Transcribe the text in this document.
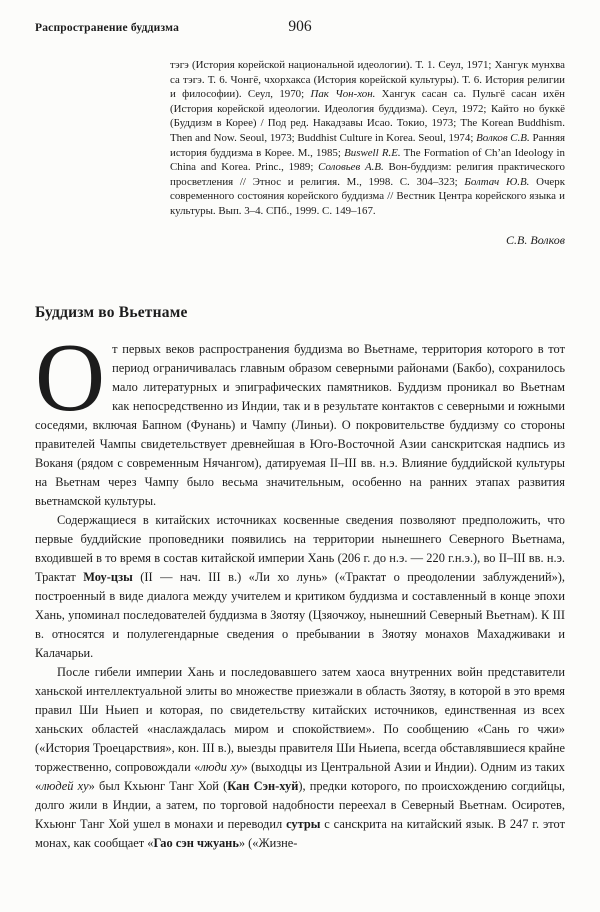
Распространение буддизма	906
тэгэ (История корейской национальной идеологии). Т. 1. Сеул, 1971; Хангук мунхва са тэгэ. Т. 6. Чонгё, чхорхакса (История корейской культуры). Т. 6. История религии и философии). Сеул, 1970; Пак Чон-хон. Хангук сасан са. Пульгё сасан ихён (История корейской идеологии. Идеология буддизма). Сеул, 1972; Кайто но буккё (Буддизм в Корее) / Под ред. Накадзавы Исао. Токио, 1973; The Korean Buddhism. Then and Now. Seoul, 1973; Buddhist Culture in Korea. Seoul, 1974; Волков С.В. Ранняя история буддизма в Корее. М., 1985; Buswell R.E. The Formation of Ch’an Ideology in China and Korea. Princ., 1989; Соловьев А.В. Вон-буддизм: религия практического просветления // Этнос и религия. М., 1998. С. 304–323; Болтач Ю.В. Очерк современного состояния корейского буддизма // Вестник Центра корейского языка и культуры. Вып. 3–4. СПб., 1999. С. 149–167.
С.В. Волков
Буддизм во Вьетнаме

От первых веков распространения буддизма во Вьетнаме, территория которого в тот период ограничивалась главным образом северными районами (Бакбо), сохранилось мало литературных и эпиграфических памятников. Буддизм проникал во Вьетнам как непосредственно из Индии, так и в результате контактов с северными и южными соседями, включая Бапном (Фунань) и Чампу (Линьи). О покровительстве буддизму со стороны правителей Чампы свидетельствует древнейшая в Юго-Восточной Азии санскритская надпись из Воканя (рядом с современным Нячангом), датируемая II–III вв. н.э. Влияние буддийской культуры на Вьетнам через Чампу было весьма значительным, особенно на ранних этапах развития вьетнамской культуры.

Содержащиеся в китайских источниках косвенные сведения позволяют предположить, что первые буддийские проповедники появились на территории нынешнего Северного Вьетнама, входившей в то время в состав китайской империи Хань (206 г. до н.э. — 220 г.н.э.), во II–III вв. н.э. Трактат Моу-цзы (II — нач. III в.) «Ли хо лунь» («Трактат о преодолении заблуждений»), построенный в виде диалога между учителем и критиком буддизма и составленный в конце эпохи Хань, упоминал последователей буддизма в Зяотяу (Цзяочжоу, нынешний Северный Вьетнам). К III в. относятся и полулегендарные сведения о пребывании в Зяотяу монахов Махадживаки и Калачарьи.

После гибели империи Хань и последовавшего затем хаоса внутренних войн представители ханьской интеллектуальной элиты во множестве приезжали в область Зяотяу, в которой в это время правил Ши Ньиеп и которая, по свидетельству китайских источников, единственная из всех ханьских областей «наслаждалась миром и спокойствием». По сообщению «Сань го чжи» («История Троецарствия», кон. III в.), выезды правителя Ши Ньиепа, всегда обставлявшиеся крайне торжественно, сопровождали «люди ху» (выходцы из Центральной Азии и Индии). Одним из таких «людей ху» был Кхьюнг Танг Хой (Кан Сэн-хуй), предки которого, по происхождению согдийцы, долго жили в Индии, а затем, по торговой надобности переехал в Северный Вьетнам. Осиротев, Кхьюнг Танг Хой ушел в монахи и переводил сутры с санскрита на китайский язык. В 247 г. этот монах, как сообщает «Гао сэн чжуань» («Жизне-
